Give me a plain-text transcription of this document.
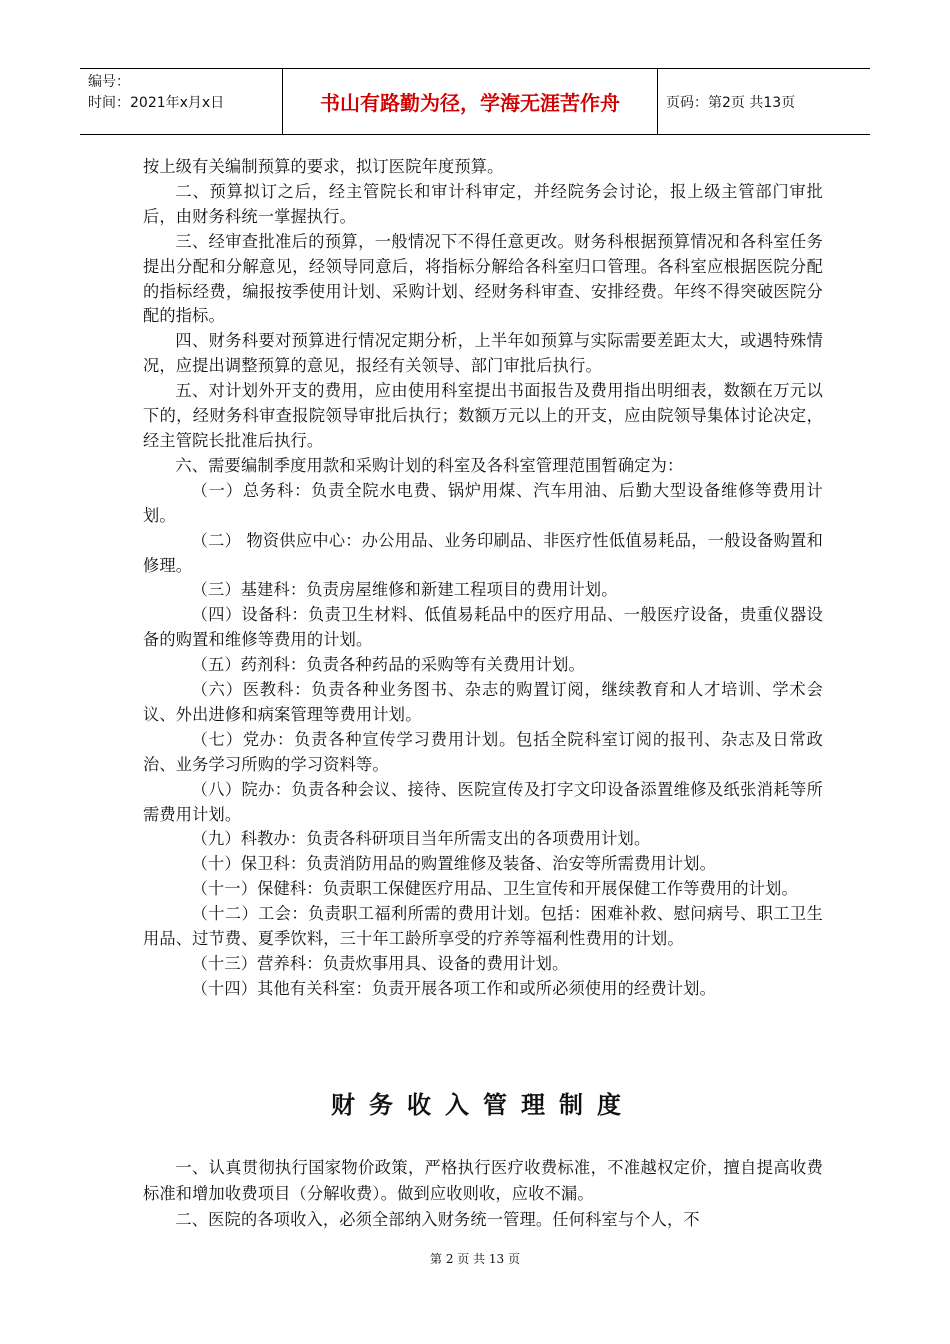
编号：
时间：2021年x月x日	书山有路勤为径，学海无涯苦作舟	页码：第2页 共13页

按上级有关编制预算的要求，拟订医院年度预算。

二、预算拟订之后，经主管院长和审计科审定，并经院务会讨论，报上级主管部门审批后，由财务科统一掌握执行。

三、经审查批准后的预算，一般情况下不得任意更改。财务科根据预算情况和各科室任务提出分配和分解意见，经领导同意后，将指标分解给各科室归口管理。各科室应根据医院分配的指标经费，编报按季使用计划、采购计划、经财务科审查、安排经费。年终不得突破医院分配的指标。

四、财务科要对预算进行情况定期分析，上半年如预算与实际需要差距太大，或遇特殊情况，应提出调整预算的意见，报经有关领导、部门审批后执行。

五、对计划外开支的费用，应由使用科室提出书面报告及费用指出明细表，数额在万元以下的，经财务科审查报院领导审批后执行；数额万元以上的开支，应由院领导集体讨论决定，经主管院长批准后执行。

六、需要编制季度用款和采购计划的科室及各科室管理范围暂确定为：

（一）总务科：负责全院水电费、锅炉用煤、汽车用油、后勤大型设备维修等费用计划。

（二） 物资供应中心：办公用品、业务印刷品、非医疗性低值易耗品，一般设备购置和修理。

（三）基建科：负责房屋维修和新建工程项目的费用计划。

（四）设备科：负责卫生材料、低值易耗品中的医疗用品、一般医疗设备，贵重仪器设备的购置和维修等费用的计划。

（五）药剂科：负责各种药品的采购等有关费用计划。

（六）医教科：负责各种业务图书、杂志的购置订阅，继续教育和人才培训、学术会议、外出进修和病案管理等费用计划。

（七）党办：负责各种宣传学习费用计划。包括全院科室订阅的报刊、杂志及日常政治、业务学习所购的学习资料等。

（八）院办：负责各种会议、接待、医院宣传及打字文印设备添置维修及纸张消耗等所需费用计划。

（九）科教办：负责各科研项目当年所需支出的各项费用计划。

（十）保卫科：负责消防用品的购置维修及装备、治安等所需费用计划。

（十一）保健科：负责职工保健医疗用品、卫生宣传和开展保健工作等费用的计划。

（十二）工会：负责职工福利所需的费用计划。包括：困难补救、慰问病号、职工卫生用品、过节费、夏季饮料，三十年工龄所享受的疗养等福利性费用的计划。

（十三）营养科：负责炊事用具、设备的费用计划。

（十四）其他有关科室：负责开展各项工作和或所必须使用的经费计划。

财务收入管理制度

一、认真贯彻执行国家物价政策，严格执行医疗收费标准，不准越权定价，擅自提高收费标准和增加收费项目（分解收费）。做到应收则收，应收不漏。

二、医院的各项收入，必须全部纳入财务统一管理。任何科室与个人，不

第 2 页 共 13 页
